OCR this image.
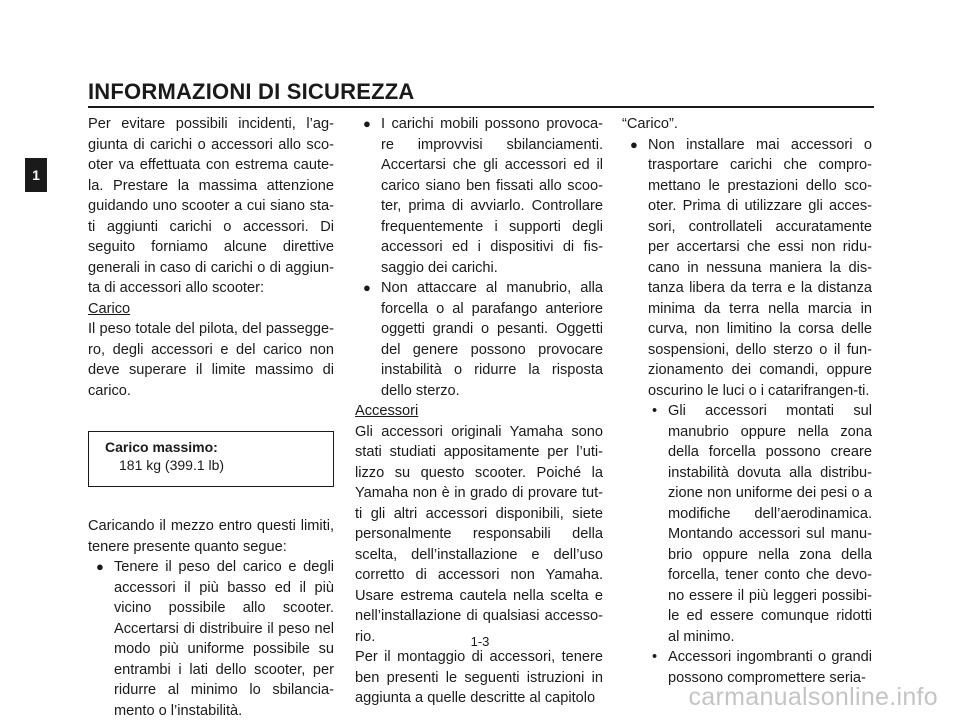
INFORMAZIONI DI SICUREZZA
1

Per evitare possibili incidenti, l’ag-giunta di carichi o accessori allo sco-oter va effettuata con estrema caute-la. Prestare la massima attenzione guidando uno scooter a cui siano sta-ti aggiunti carichi o accessori. Di seguito forniamo alcune direttive generali in caso di carichi o di aggiun-ta di accessori allo scooter:

Carico

Il peso totale del pilota, del passegge-ro, degli accessori e del carico non deve superare il limite massimo di carico.

Carico massimo:
181 kg (399.1 lb)

Caricando il mezzo entro questi limiti, tenere presente quanto segue:

● Tenere il peso del carico e degli accessori il più basso ed il più vicino possibile allo scooter. Accertarsi di distribuire il peso nel modo più uniforme possibile su entrambi i lati dello scooter, per ridurre al minimo lo sbilancia-mento o l’instabilità.
● I carichi mobili possono provoca-re improvvisi sbilanciamenti. Accertarsi che gli accessori ed il carico siano ben fissati allo scoo-ter, prima di avviarlo. Controllare frequentemente i supporti degli accessori ed i dispositivi di fis-saggio dei carichi.
● Non attaccare al manubrio, alla forcella o al parafango anteriore oggetti grandi o pesanti. Oggetti del genere possono provocare instabilità o ridurre la risposta dello sterzo.

Accessori

Gli accessori originali Yamaha sono stati studiati appositamente per l’uti-lizzo su questo scooter. Poiché la Yamaha non è in grado di provare tut-ti gli altri accessori disponibili, siete personalmente responsabili della scelta, dell’installazione e dell’uso corretto di accessori non Yamaha. Usare estrema cautela nella scelta e nell’installazione di qualsiasi accesso-rio.

Per il montaggio di accessori, tenere ben presenti le seguenti istruzioni in aggiunta a quelle descritte al capitolo

“Carico”.

● Non installare mai accessori o trasportare carichi che compro-mettano le prestazioni dello sco-oter. Prima di utilizzare gli acces-sori, controllateli accuratamente per accertarsi che essi non ridu-cano in nessuna maniera la dis-tanza libera da terra e la distanza minima da terra nella marcia in curva, non limitino la corsa delle sospensioni, dello sterzo o il fun-zionamento dei comandi, oppure oscurino le luci o i catarifrangen-ti.
• Gli accessori montati sul manubrio oppure nella zona della forcella possono creare instabilità dovuta alla distribu-zione non uniforme dei pesi o a modifiche dell’aerodinamica. Montando accessori sul manu-brio oppure nella zona della forcella, tener conto che devo-no essere il più leggeri possibi-le ed essere comunque ridotti al minimo.
• Accessori ingombranti o grandi possono compromettere seria-
1-3
carmanualsonline.info
